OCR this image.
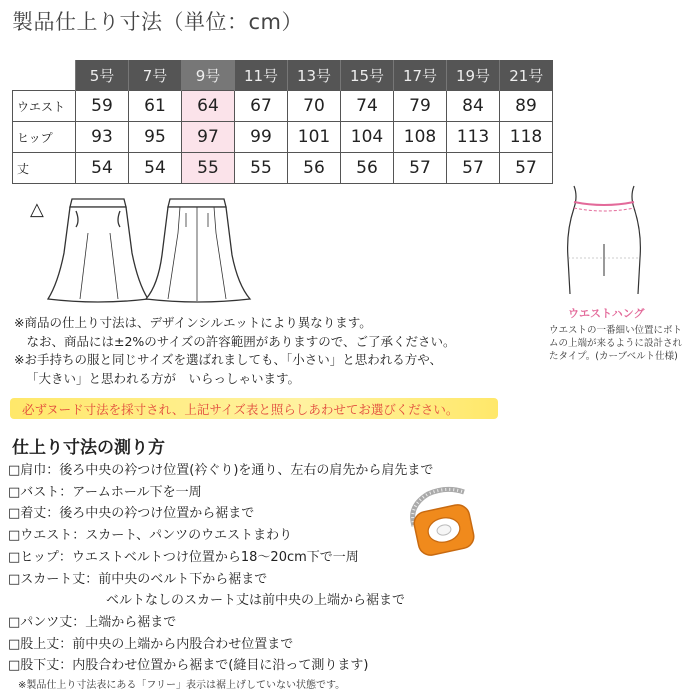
製品仕上り寸法（単位：cm）
	5号	7号	9号	11号	13号	15号	17号	19号	21号
ウエスト	59	61	64	67	70	74	79	84	89
ヒップ	93	95	97	99	101	104	108	113	118
丈	54	54	55	55	56	56	57	57	57
△
ウエストハング
ウエストの一番細い位置にボトムの上端が来るように設計されたタイプ。(カーブベルト仕様)
※商品の仕上り寸法は、デザインシルエットにより異なります。
　なお、商品には±2%のサイズの許容範囲がありますので、ご了承ください。
※お手持ちの服と同じサイズを選ばれましても、「小さい」と思われる方や、
「大きい」と思われる方が　いらっしゃいます。
必ずヌード寸法を採寸され、上記サイズ表と照らしあわせてお選びください。
仕上り寸法の測り方
□肩巾：後ろ中央の衿つけ位置(衿ぐり)を通り、左右の肩先から肩先まで
□バスト：アームホール下を一周
□着丈：後ろ中央の衿つけ位置から裾まで
□ウエスト：スカート、パンツのウエストまわり
□ヒップ：ウエストベルトつけ位置から18〜20cm下で一周
□スカート丈：前中央のベルト下から裾まで
ベルトなしのスカート丈は前中央の上端から裾まで
□パンツ丈：上端から裾まで
□股上丈：前中央の上端から内股合わせ位置まで
□股下丈：内股合わせ位置から裾まで(縫目に沿って測ります)
※製品仕上り寸法表にある「フリー」表示は裾上げしていない状態です。
